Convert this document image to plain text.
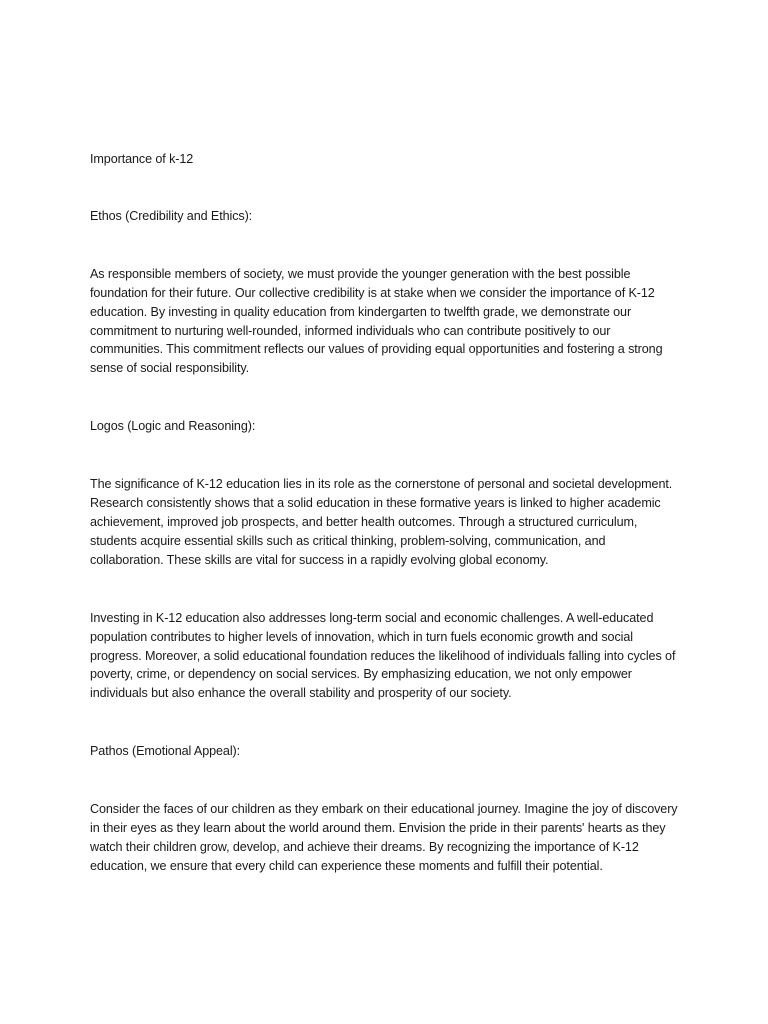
Importance of k-12

Ethos (Credibility and Ethics):

As responsible members of society, we must provide the younger generation with the best possible foundation for their future. Our collective credibility is at stake when we consider the importance of K-12 education. By investing in quality education from kindergarten to twelfth grade, we demonstrate our commitment to nurturing well-rounded, informed individuals who can contribute positively to our communities. This commitment reflects our values of providing equal opportunities and fostering a strong sense of social responsibility.

Logos (Logic and Reasoning):

The significance of K-12 education lies in its role as the cornerstone of personal and societal development. Research consistently shows that a solid education in these formative years is linked to higher academic achievement, improved job prospects, and better health outcomes. Through a structured curriculum, students acquire essential skills such as critical thinking, problem-solving, communication, and collaboration. These skills are vital for success in a rapidly evolving global economy.

Investing in K-12 education also addresses long-term social and economic challenges. A well-educated population contributes to higher levels of innovation, which in turn fuels economic growth and social progress. Moreover, a solid educational foundation reduces the likelihood of individuals falling into cycles of poverty, crime, or dependency on social services. By emphasizing education, we not only empower individuals but also enhance the overall stability and prosperity of our society.

Pathos (Emotional Appeal):

Consider the faces of our children as they embark on their educational journey. Imagine the joy of discovery in their eyes as they learn about the world around them. Envision the pride in their parents' hearts as they watch their children grow, develop, and achieve their dreams. By recognizing the importance of K-12 education, we ensure that every child can experience these moments and fulfill their potential.
